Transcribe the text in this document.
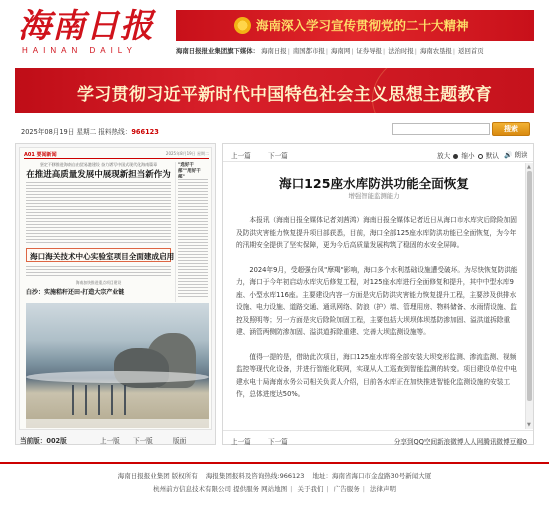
海南日报
HAINAN DAILY
海南深入学习宣传贯彻党的二十大精神
海南日报报业集团旗下媒体： 海南日报| 南国都市报| 海南网| 证券导报| 法治时报| 海南农垦报| 返回首页
学习贯彻习近平新时代中国特色社会主义思想主题教育
2025年08月19日 星期二 报料热线：966123	搜索
A01 要闻新闻	2025年8月19日 星期二
坚定不移推进海南自由贸易港建设 奋力谱写中国式现代化海南篇章
在推进高质量发展中展现新担当新作为
"选好干部""用好干
海口海关技术中心实验室项目全面建成启用
海南加快推进重点项目建设
白沙：实施秸秆还田·打造大宗产业链
当前版：002版	上一版 下一版	版面
上一篇	下一篇	放大 缩小 默认 🔊 朗读
海口125座水库防洪功能全面恢复
增强智能监测能力

本报讯（海南日报全媒体记者刘茜鸿）海南日报全媒体记者近日从海口市水库灾后除险加固及防洪灾害能力恢复提升项目部获悉，目前，海口全部125座水库防洪功能已全面恢复，为今年的汛期安全提供了坚实保障，更为今后高质量发展构筑了稳固的水安全屏障。

2024年9月，受超强台风"摩羯"影响，海口多个水利基础设施遭受破坏。为尽快恢复防洪能力，海口于今年初启动水库灾后修复工程，对125座水库进行全面修复和提升，其中中型水库9座、小型水库116座。主要建设内容一方面是灾后防洪灾害能力恢复提升工程，主要涉及供排水设施、电力设施、道路交通、通讯网络、防浪（护）墙、管理用房、物料储备、水雨情设施、监控及照明等；另一方面是灾后除险加固工程，主要包括大坝坝体坝基防渗加固、溢洪道拆除重建、涵管两侧防渗加固、溢洪道拆除重建、完善大坝监测设施等。

值得一提的是，借助此次项目，海口125座水库将全部安装大坝变形监测、渗流监测、视频监控等现代化设备，并进行智能化联网，实现从人工巡查到智能监测的转变。项目建设单位中电建水电十局海南水务公司相关负责人介绍，目前各水库正在加快推进智能化监测设施的安装工作，总体进度达50%。

▲
▼
上一篇	下一篇	分享到QQ空间新浪微博人人网腾讯微博豆瓣0
海南日报报业集团 版权所有 海报集团报料及咨询热线:966123 地址：海南省海口市金盘路30号新闻大厦
杭州前方信息技术有限公司 提供服务 网站地图 | 关于我们 | 广告服务 | 法律声明
